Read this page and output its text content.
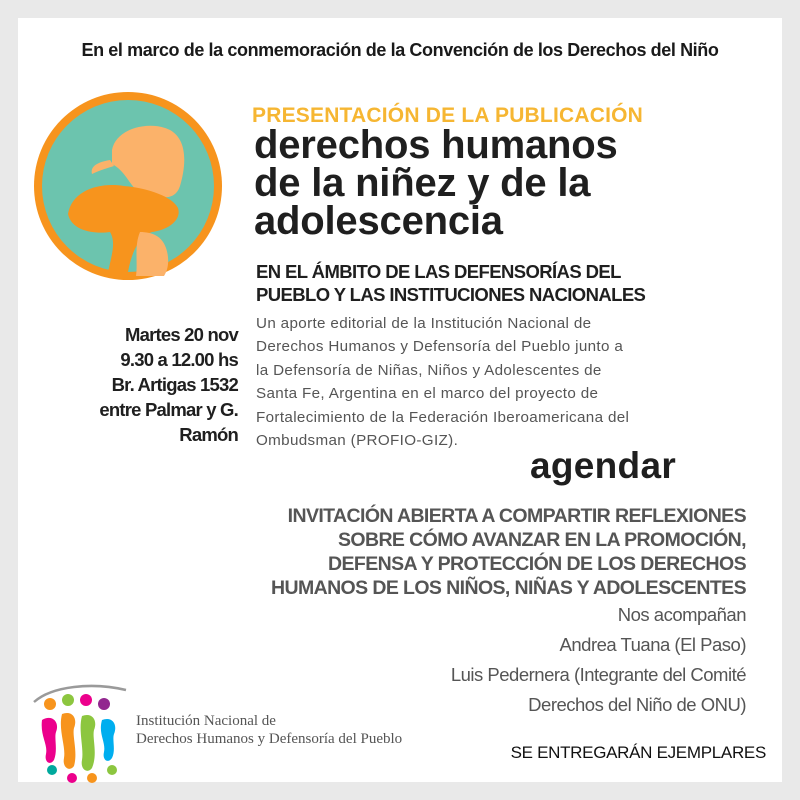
En el marco de la conmemoración de la Convención de los Derechos del Niño
PRESENTACIÓN DE LA PUBLICACIÓN
derechos humanos
de la niñez y de la
adolescencia
EN EL ÁMBITO DE LAS DEFENSORÍAS DEL
PUEBLO Y LAS INSTITUCIONES NACIONALES
Un aporte editorial de la Institución Nacional de
Derechos Humanos y Defensoría del Pueblo junto a
la Defensoría de Niñas, Niños y Adolescentes de
Santa Fe, Argentina en el marco del proyecto de
Fortalecimiento de la Federación Iberoamericana del
Ombudsman (PROFIO-GIZ).
Martes 20 nov
9.30 a 12.00 hs
Br. Artigas 1532
entre Palmar y G.
Ramón
agendar
INVITACIÓN ABIERTA A COMPARTIR REFLEXIONES
SOBRE CÓMO AVANZAR EN LA PROMOCIÓN,
DEFENSA Y PROTECCIÓN DE LOS DERECHOS
HUMANOS DE LOS NIÑOS, NIÑAS Y ADOLESCENTES
Nos acompañan
Andrea Tuana (El Paso)
Luis Pedernera (Integrante del Comité
Derechos del Niño de ONU)
Institución Nacional de
Derechos Humanos y Defensoría del Pueblo
SE ENTREGARÁN EJEMPLARES
